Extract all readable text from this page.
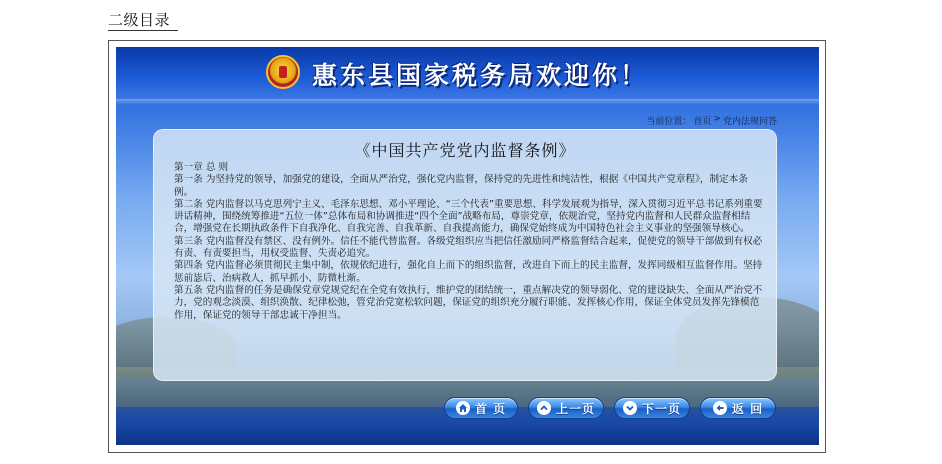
二级目录
惠东县国家税务局欢迎你！
当前位置： 首页 > 党内法规问答
《中国共产党党内监督条例》

第一章 总 则

第一条 为坚持党的领导，加强党的建设，全面从严治党，强化党内监督，保持党的先进性和纯洁性，根据《中国共产党章程》，制定本条例。

第二条 党内监督以马克思列宁主义、毛泽东思想、邓小平理论、“三个代表”重要思想、科学发展观为指导，深入贯彻习近平总书记系列重要讲话精神，围绕统筹推进“五位一体”总体布局和协调推进“四个全面”战略布局，尊崇党章，依规治党，坚持党内监督和人民群众监督相结合，增强党在长期执政条件下自我净化、自我完善、自我革新、自我提高能力，确保党始终成为中国特色社会主义事业的坚强领导核心。

第三条 党内监督没有禁区、没有例外。信任不能代替监督。各级党组织应当把信任激励同严格监督结合起来，促使党的领导干部做到有权必有责、有责要担当，用权受监督、失责必追究。

第四条 党内监督必须贯彻民主集中制，依规依纪进行，强化自上而下的组织监督，改进自下而上的民主监督，发挥同级相互监督作用。坚持惩前毖后、治病救人，抓早抓小、防微杜渐。

第五条 党内监督的任务是确保党章党规党纪在全党有效执行，维护党的团结统一，重点解决党的领导弱化、党的建设缺失、全面从严治党不力，党的观念淡漠、组织涣散、纪律松弛，管党治党宽松软问题，保证党的组织充分履行职能、发挥核心作用，保证全体党员发挥先锋模范作用，保证党的领导干部忠诚干净担当。

首 页	上一页	下一页	返 回
